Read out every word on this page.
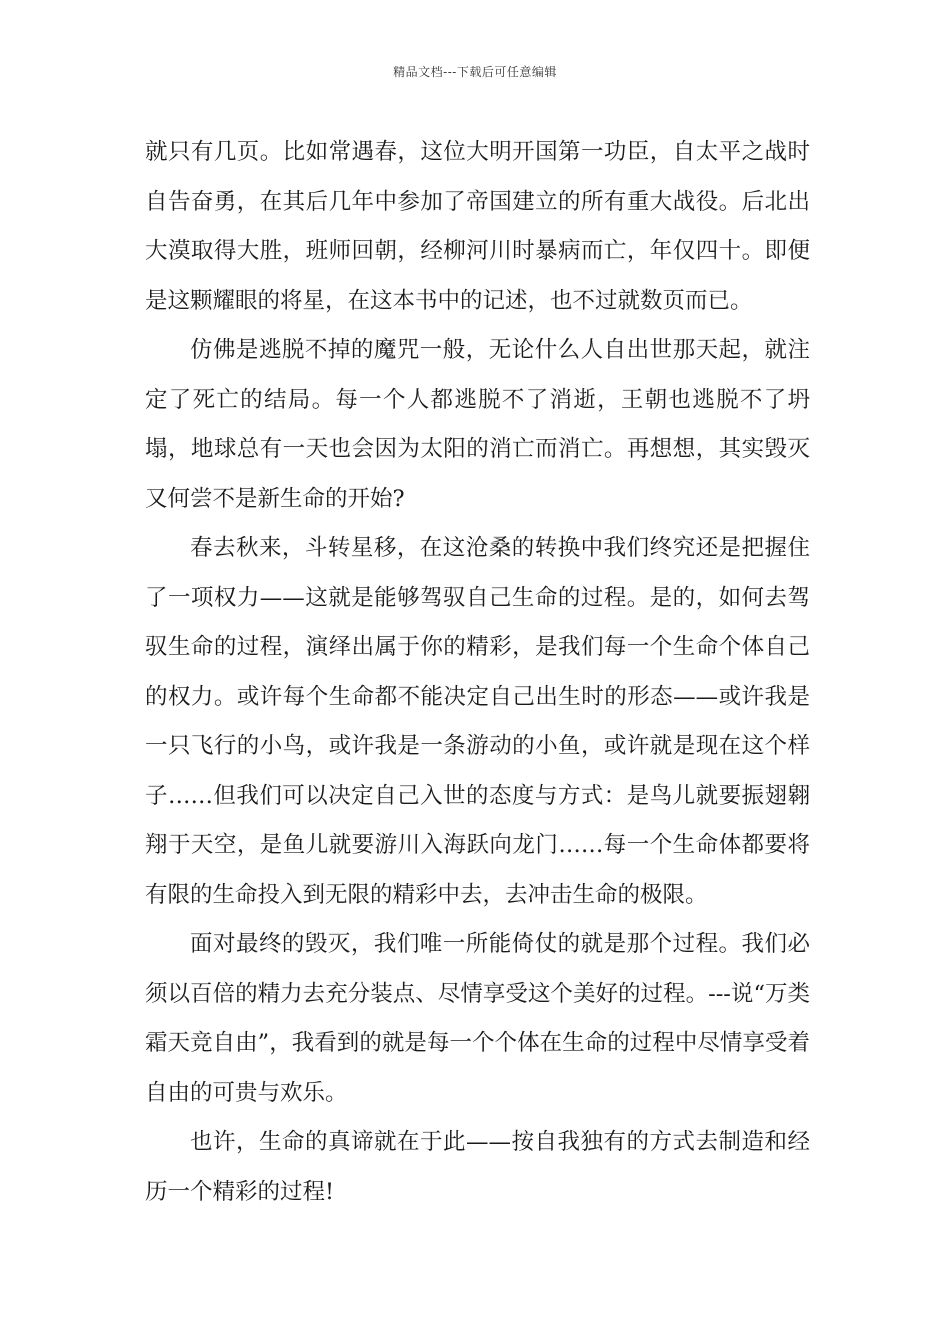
精品文档---下载后可任意编辑

就只有几页。比如常遇春，这位大明开国第一功臣，自太平之战时自告奋勇，在其后几年中参加了帝国建立的所有重大战役。后北出大漠取得大胜，班师回朝，经柳河川时暴病而亡，年仅四十。即便是这颗耀眼的将星，在这本书中的记述，也不过就数页而已。

仿佛是逃脱不掉的魔咒一般，无论什么人自出世那天起，就注定了死亡的结局。每一个人都逃脱不了消逝，王朝也逃脱不了坍塌，地球总有一天也会因为太阳的消亡而消亡。再想想，其实毁灭又何尝不是新生命的开始?

春去秋来，斗转星移，在这沧桑的转换中我们终究还是把握住了一项权力——这就是能够驾驭自己生命的过程。是的，如何去驾驭生命的过程，演绎出属于你的精彩，是我们每一个生命个体自己的权力。或许每个生命都不能决定自己出生时的形态——或许我是一只飞行的小鸟，或许我是一条游动的小鱼，或许就是现在这个样子……但我们可以决定自己入世的态度与方式：是鸟儿就要振翅翱翔于天空，是鱼儿就要游川入海跃向龙门……每一个生命体都要将有限的生命投入到无限的精彩中去，去冲击生命的极限。

面对最终的毁灭，我们唯一所能倚仗的就是那个过程。我们必须以百倍的精力去充分装点、尽情享受这个美好的过程。---说“万类霜天竞自由”，我看到的就是每一个个体在生命的过程中尽情享受着自由的可贵与欢乐。

也许，生命的真谛就在于此——按自我独有的方式去制造和经历一个精彩的过程!
